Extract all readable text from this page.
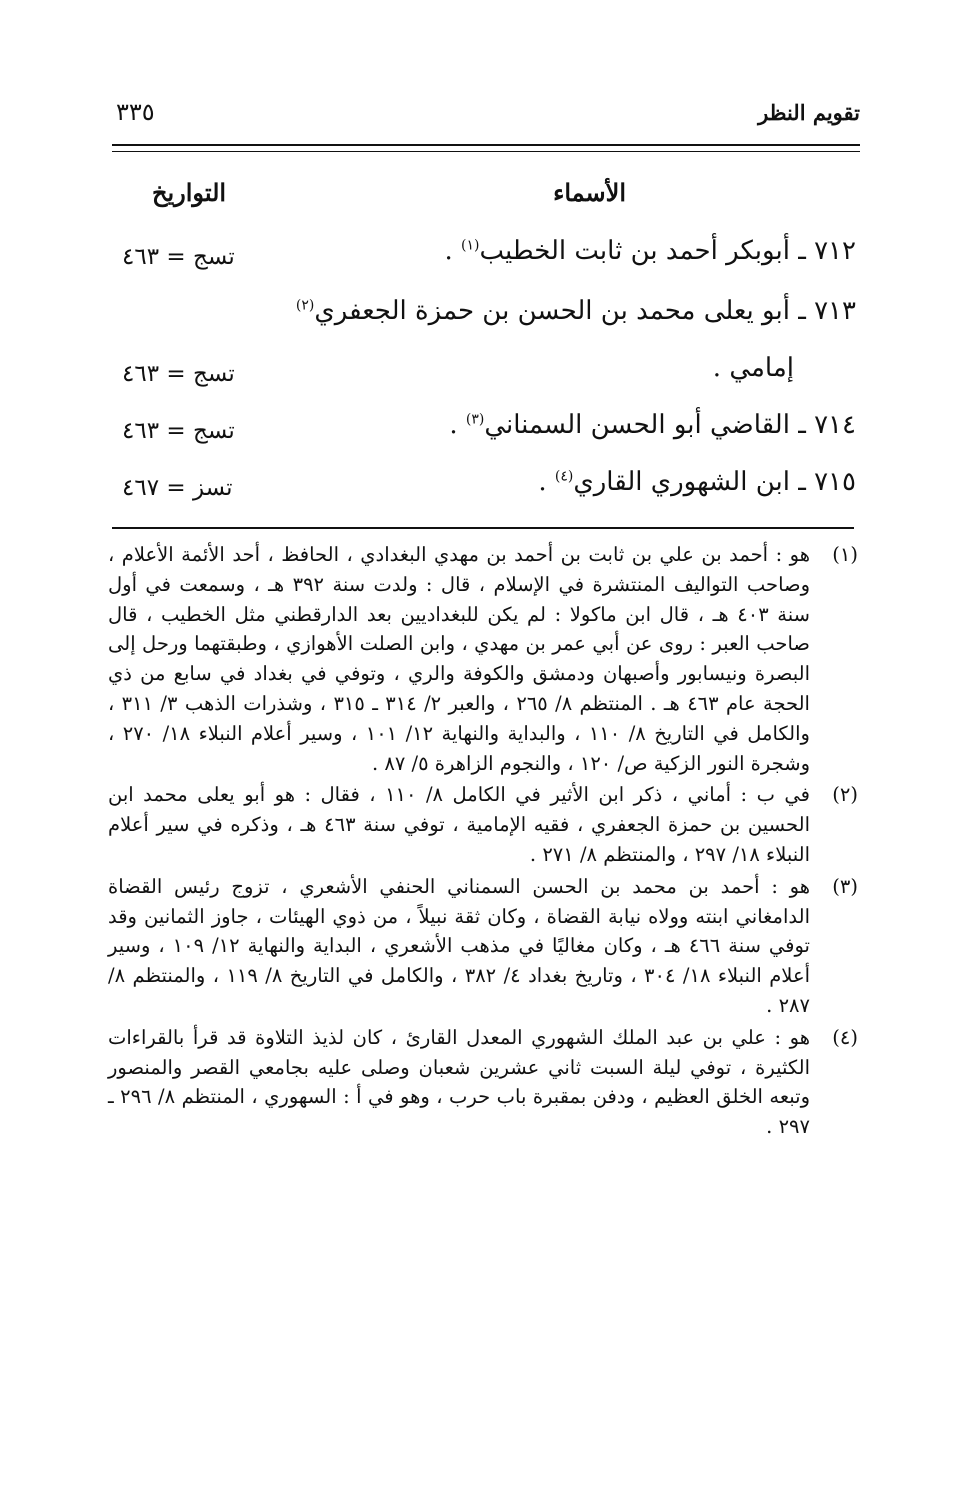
تقويم النظر
٣٣٥
الأسماء
التواريخ
٧١٢ ـ أبوبكر أحمد بن ثابت الخطيب$^{(١)}$ .
تسج = ٤٦٣
٧١٣ ـ أبو يعلى محمد بن الحسن بن حمزة الجعفري$^{(٢)}$
إمامي .
تسج = ٤٦٣
٧١٤ ـ القاضي أبو الحسن السمناني$^{(٣)}$ .
تسج = ٤٦٣
٧١٥ ـ ابن الشهوري القاري$^{(٤)}$ .
تسز = ٤٦٧

(١)
هو : أحمد بن علي بن ثابت بن أحمد بن مهدي البغدادي ، الحافظ ، أحد الأئمة الأعلام ، وصاحب التواليف المنتشرة في الإسلام ، قال : ولدت سنة ٣٩٢ هـ ، وسمعت في أول سنة ٤٠٣ هـ ، قال ابن ماكولا : لم يكن للبغداديين بعد الدارقطني مثل الخطيب ، قال صاحب العبر : روى عن أبي عمر بن مهدي ، وابن الصلت الأهوازي ، وطبقتهما ورحل إلى البصرة ونيسابور وأصبهان ودمشق والكوفة والري ، وتوفي في بغداد في سابع من ذي الحجة عام ٤٦٣ هـ . المنتظم ٨/ ٢٦٥ ، والعبر ٢/ ٣١٤ ـ ٣١٥ ، وشذرات الذهب ٣/ ٣١١ ، والكامل في التاريخ ٨/ ١١٠ ، والبداية والنهاية ١٢/ ١٠١ ، وسير أعلام النبلاء ١٨/ ٢٧٠ ، وشجرة النور الزكية ص/ ١٢٠ ، والنجوم الزاهرة ٥/ ٨٧ .

(٢)
في ب : أماني ، ذكر ابن الأثير في الكامل ٨/ ١١٠ ، فقال : هو أبو يعلى محمد ابن الحسين بن حمزة الجعفري ، فقيه الإمامية ، توفي سنة ٤٦٣ هـ ، وذكره في سير أعلام النبلاء ١٨/ ٢٩٧ ، والمنتظم ٨/ ٢٧١ .

(٣)
هو : أحمد بن محمد بن الحسن السمناني الحنفي الأشعري ، تزوج رئيس القضاة الدامغاني ابنته وولاه نيابة القضاة ، وكان ثقة نبيلاً ، من ذوي الهيئات ، جاوز الثمانين وقد توفي سنة ٤٦٦ هـ ، وكان مغاليًا في مذهب الأشعري ، البداية والنهاية ١٢/ ١٠٩ ، وسير أعلام النبلاء ١٨/ ٣٠٤ ، وتاريخ بغداد ٤/ ٣٨٢ ، والكامل في التاريخ ٨/ ١١٩ ، والمنتظم ٨/ ٢٨٧ .

(٤)
هو : علي بن عبد الملك الشهوري المعدل القارئ ، كان لذيذ التلاوة قد قرأ بالقراءات الكثيرة ، توفي ليلة السبت ثاني عشرين شعبان وصلى عليه بجامعي القصر والمنصور وتبعه الخلق العظيم ، ودفن بمقبرة باب حرب ، وهو في أ : السهوري ، المنتظم ٨/ ٢٩٦ ـ ٢٩٧ .
